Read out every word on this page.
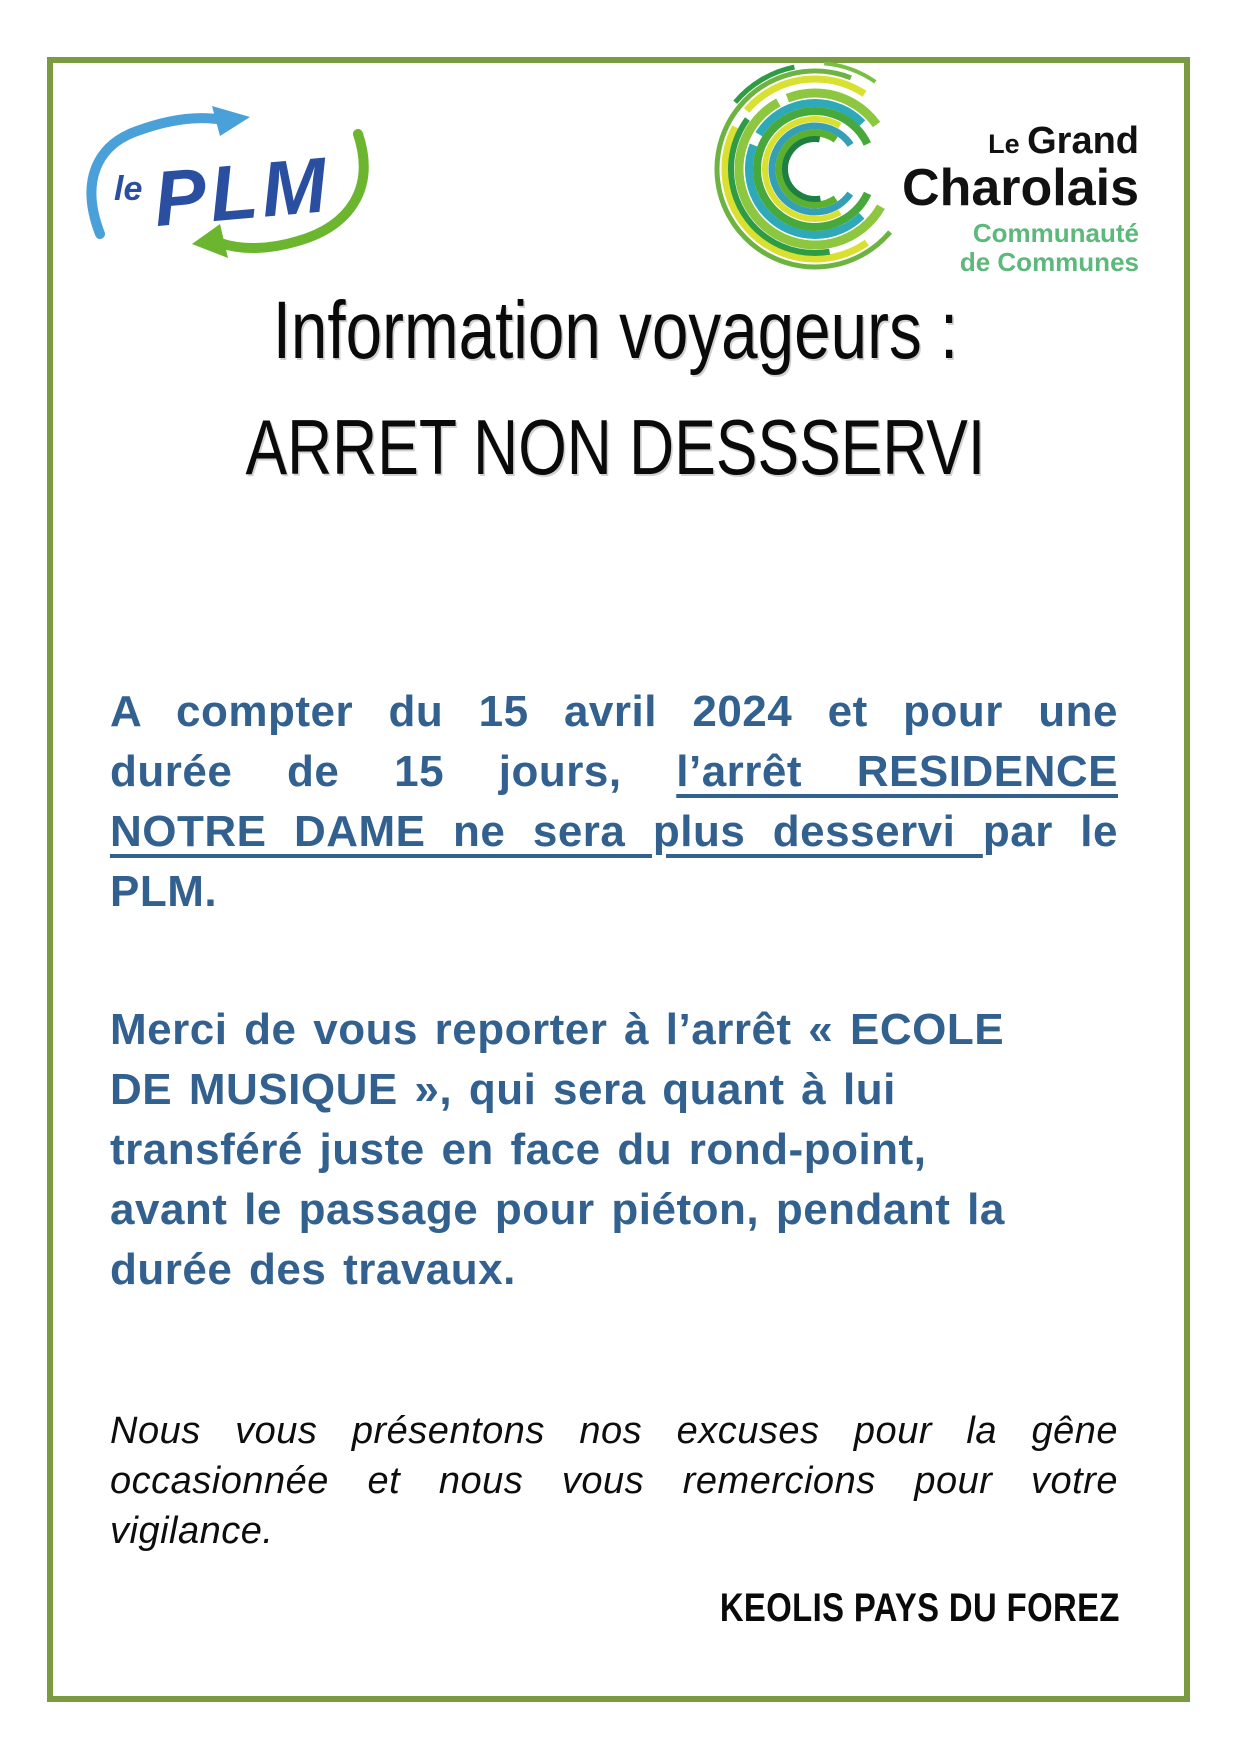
le PLM	Le Grand
Charolais
Communauté
de Communes
Information voyageurs :
ARRET NON DESSSERVI
A compter du 15 avril 2024 et pour une
durée de 15 jours, l’arrêt RESIDENCE
NOTRE DAME ne sera plus desservi par le
PLM.
Merci de vous reporter à l’arrêt « ECOLE
DE MUSIQUE », qui sera quant à lui
transféré juste en face du rond-point,
avant le passage pour piéton, pendant la
durée des travaux.
Nous vous présentons nos excuses pour la gêne
occasionnée et nous vous remercions pour votre
vigilance.
KEOLIS PAYS DU FOREZ
